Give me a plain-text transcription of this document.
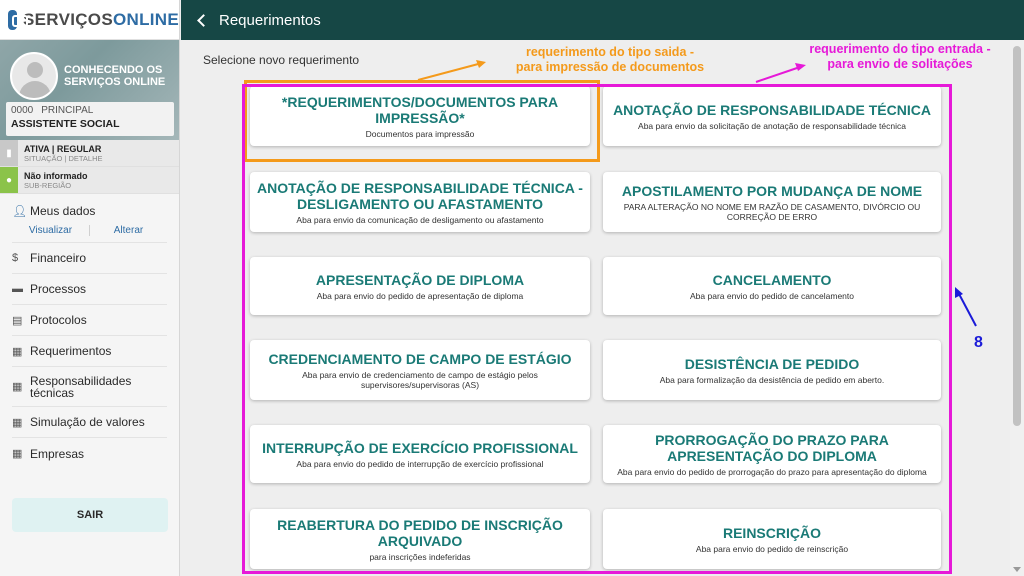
SERVIÇOSONLINE
CONHECENDO OS SERVIÇOS ONLINE
0000 PRINCIPAL
ASSISTENTE SOCIAL
▮	ATIVA | REGULAR
SITUAÇÃO | DETALHE
●	Não informado
SUB-REGIÃO
👤︎ Meus dados
Visualizar	Alterar
$ Financeiro
▬ Processos
▤ Protocolos
▦ Requerimentos
▦ Responsabilidades técnicas
▦ Simulação de valores
▦ Empresas
SAIR
Requerimentos
Selecione novo requerimento
*REQUERIMENTOS/DOCUMENTOS PARA IMPRESSÃO*
Documentos para impressão
ANOTAÇÃO DE RESPONSABILIDADE TÉCNICA
Aba para envio da solicitação de anotação de responsabilidade técnica
ANOTAÇÃO DE RESPONSABILIDADE TÉCNICA - DESLIGAMENTO OU AFASTAMENTO
Aba para envio da comunicação de desligamento ou afastamento
APOSTILAMENTO POR MUDANÇA DE NOME
PARA ALTERAÇÃO NO NOME EM RAZÃO DE CASAMENTO, DIVÓRCIO OU CORREÇÃO DE ERRO
APRESENTAÇÃO DE DIPLOMA
Aba para envio do pedido de apresentação de diploma
CANCELAMENTO
Aba para envio do pedido de cancelamento
CREDENCIAMENTO DE CAMPO DE ESTÁGIO
Aba para envio de credenciamento de campo de estágio pelos supervisores/supervisoras (AS)
DESISTÊNCIA DE PEDIDO
Aba para formalização da desistência de pedido em aberto.
INTERRUPÇÃO DE EXERCÍCIO PROFISSIONAL
Aba para envio do pedido de interrupção de exercício profissional
PRORROGAÇÃO DO PRAZO PARA APRESENTAÇÃO DO DIPLOMA
Aba para envio do pedido de prorrogação do prazo para apresentação do diploma
REABERTURA DO PEDIDO DE INSCRIÇÃO ARQUIVADO
para inscrições indeferidas
REINSCRIÇÃO
Aba para envio do pedido de reinscrição
requerimento do tipo saida -
para impressão de documentos
requerimento do tipo entrada -
para envio de solitações
8
